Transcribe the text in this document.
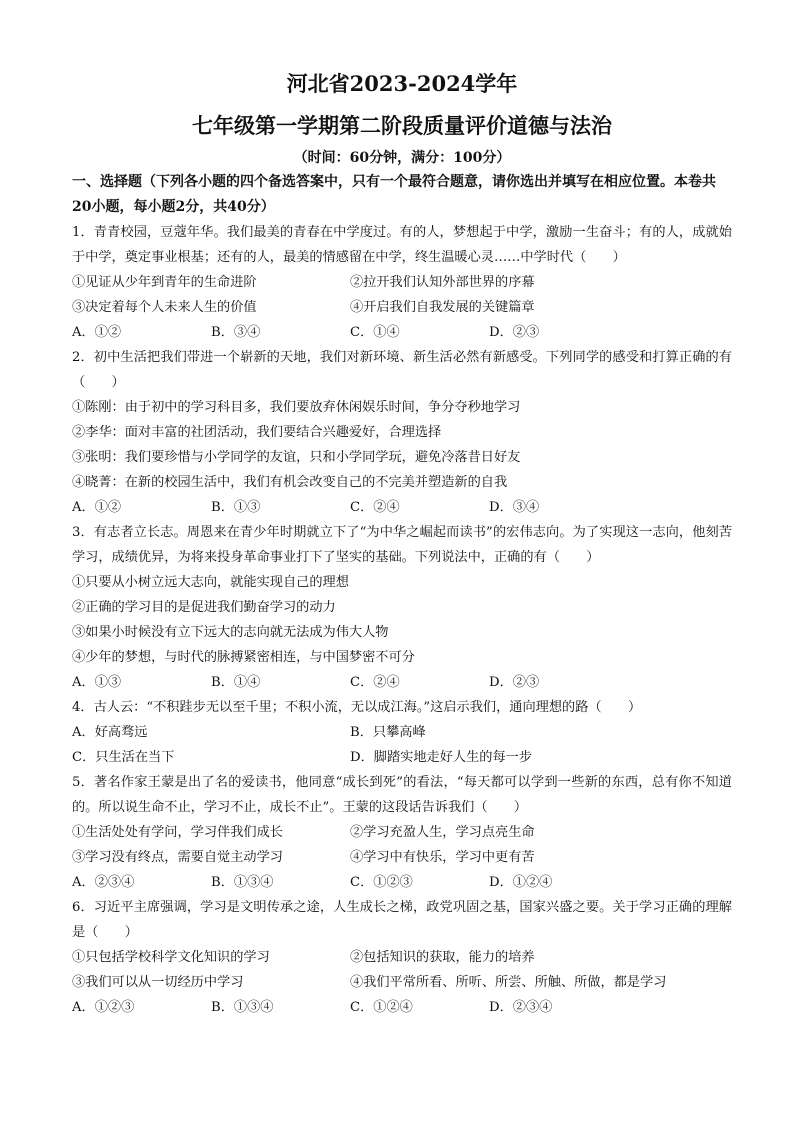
河北省2023-2024学年
七年级第一学期第二阶段质量评价道德与法治
（时间：60分钟，满分：100分）
一、选择题（下列各小题的四个备选答案中，只有一个最符合题意，请你选出并填写在相应位置。本卷共20小题，每小题2分，共40分）
1．青青校园，豆蔻年华。我们最美的青春在中学度过。有的人，梦想起于中学，激励一生奋斗；有的人，成就始于中学，奠定事业根基；还有的人，最美的情感留在中学，终生温暖心灵……中学时代（　　）
①见证从少年到青年的生命进阶	②拉开我们认知外部世界的序幕
③决定着每个人未来人生的价值	④开启我们自我发展的关键篇章
A．①②	B．③④	C．①④	D．②③
2．初中生活把我们带进一个崭新的天地，我们对新环境、新生活必然有新感受。下列同学的感受和打算正确的有（　　）
①陈刚：由于初中的学习科目多，我们要放弃休闲娱乐时间，争分夺秒地学习
②李华：面对丰富的社团活动，我们要结合兴趣爱好，合理选择
③张明：我们要珍惜与小学同学的友谊，只和小学同学玩，避免冷落昔日好友
④晓菁：在新的校园生活中，我们有机会改变自己的不完美并塑造新的自我
A．①②	B．①③	C．②④	D．③④
3．有志者立长志。周恩来在青少年时期就立下了“为中华之崛起而读书”的宏伟志向。为了实现这一志向，他刻苦学习，成绩优异，为将来投身革命事业打下了坚实的基础。下列说法中，正确的有（　　）
①只要从小树立远大志向，就能实现自己的理想
②正确的学习目的是促进我们勤奋学习的动力
③如果小时候没有立下远大的志向就无法成为伟大人物
④少年的梦想，与时代的脉搏紧密相连，与中国梦密不可分
A．①③	B．①④	C．②④	D．②③
4．古人云：“不积跬步无以至千里；不积小流，无以成江海。”这启示我们，通向理想的路（　　）
A．好高骛远	B．只攀高峰
C．只生活在当下	D．脚踏实地走好人生的每一步
5．著名作家王蒙是出了名的爱读书，他同意“成长到死”的看法，“每天都可以学到一些新的东西，总有你不知道的。所以说生命不止，学习不止，成长不止”。王蒙的这段话告诉我们（　　）
①生活处处有学问，学习伴我们成长	②学习充盈人生，学习点亮生命
③学习没有终点，需要自觉主动学习	④学习中有快乐，学习中更有苦
A．②③④	B．①③④	C．①②③	D．①②④
6．习近平主席强调，学习是文明传承之途，人生成长之梯，政党巩固之基，国家兴盛之要。关于学习正确的理解是（　　）
①只包括学校科学文化知识的学习	②包括知识的获取，能力的培养
③我们可以从一切经历中学习	④我们平常所看、所听、所尝、所触、所做，都是学习
A．①②③	B．①③④	C．①②④	D．②③④
